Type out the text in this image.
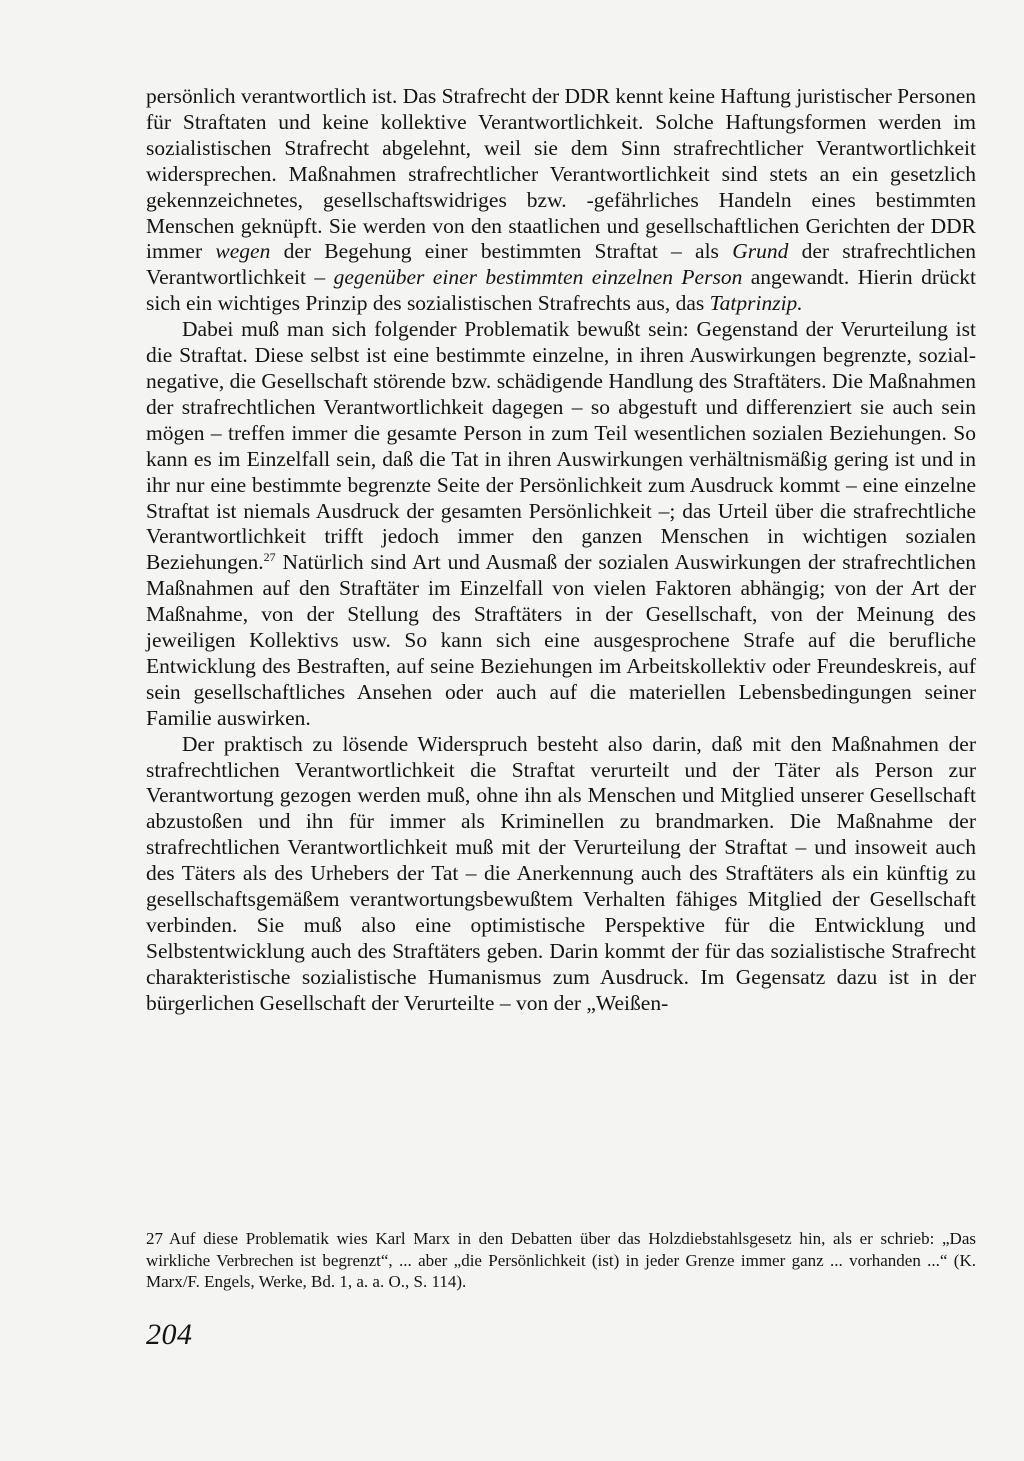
persönlich verantwortlich ist. Das Strafrecht der DDR kennt keine Haftung juristischer Personen für Straftaten und keine kollektive Verantwortlichkeit. Solche Haftungsformen werden im sozialistischen Strafrecht abgelehnt, weil sie dem Sinn strafrechtlicher Verantwortlichkeit widersprechen. Maßnahmen strafrechtlicher Verantwortlichkeit sind stets an ein gesetzlich gekennzeichnetes, gesellschaftswidriges bzw. -gefährliches Handeln eines bestimmten Menschen geknüpft. Sie werden von den staatlichen und gesellschaftlichen Gerichten der DDR immer wegen der Begehung einer bestimmten Straftat – als Grund der strafrechtlichen Verantwortlichkeit – gegenüber einer bestimmten einzelnen Person angewandt. Hierin drückt sich ein wichtiges Prinzip des sozialistischen Strafrechts aus, das Tatprinzip.

Dabei muß man sich folgender Problematik bewußt sein: Gegenstand der Verurteilung ist die Straftat. Diese selbst ist eine bestimmte einzelne, in ihren Auswirkungen begrenzte, sozial-negative, die Gesellschaft störende bzw. schädigende Handlung des Straftäters. Die Maßnahmen der strafrechtlichen Verantwortlichkeit dagegen – so abgestuft und differenziert sie auch sein mögen – treffen immer die gesamte Person in zum Teil wesentlichen sozialen Beziehungen. So kann es im Einzelfall sein, daß die Tat in ihren Auswirkungen verhältnismäßig gering ist und in ihr nur eine bestimmte begrenzte Seite der Persönlichkeit zum Ausdruck kommt – eine einzelne Straftat ist niemals Ausdruck der gesamten Persönlichkeit –; das Urteil über die strafrechtliche Verantwortlichkeit trifft jedoch immer den ganzen Menschen in wichtigen sozialen Beziehungen.$^{27}$ Natürlich sind Art und Ausmaß der sozialen Auswirkungen der strafrechtlichen Maßnahmen auf den Straftäter im Einzelfall von vielen Faktoren abhängig; von der Art der Maßnahme, von der Stellung des Straftäters in der Gesellschaft, von der Meinung des jeweiligen Kollektivs usw. So kann sich eine ausgesprochene Strafe auf die berufliche Entwicklung des Bestraften, auf seine Beziehungen im Arbeitskollektiv oder Freundeskreis, auf sein gesellschaftliches Ansehen oder auch auf die materiellen Lebensbedingungen seiner Familie auswirken.

Der praktisch zu lösende Widerspruch besteht also darin, daß mit den Maßnahmen der strafrechtlichen Verantwortlichkeit die Straftat verurteilt und der Täter als Person zur Verantwortung gezogen werden muß, ohne ihn als Menschen und Mitglied unserer Gesellschaft abzustoßen und ihn für immer als Kriminellen zu brandmarken. Die Maßnahme der strafrechtlichen Verantwortlichkeit muß mit der Verurteilung der Straftat – und insoweit auch des Täters als des Urhebers der Tat – die Anerkennung auch des Straftäters als ein künftig zu gesellschaftsgemäßem verantwortungsbewußtem Verhalten fähiges Mitglied der Gesellschaft verbinden. Sie muß also eine optimistische Perspektive für die Entwicklung und Selbstentwicklung auch des Straftäters geben. Darin kommt der für das sozialistische Strafrecht charakteristische sozialistische Humanismus zum Ausdruck. Im Gegensatz dazu ist in der bürgerlichen Gesellschaft der Verurteilte – von der „Weißen-

27 Auf diese Problematik wies Karl Marx in den Debatten über das Holzdiebstahlsgesetz hin, als er schrieb: „Das wirkliche Verbrechen ist begrenzt“, ... aber „die Persönlichkeit (ist) in jeder Grenze immer ganz ... vorhanden ...“ (K. Marx/F. Engels, Werke, Bd. 1, a. a. O., S. 114).
204
